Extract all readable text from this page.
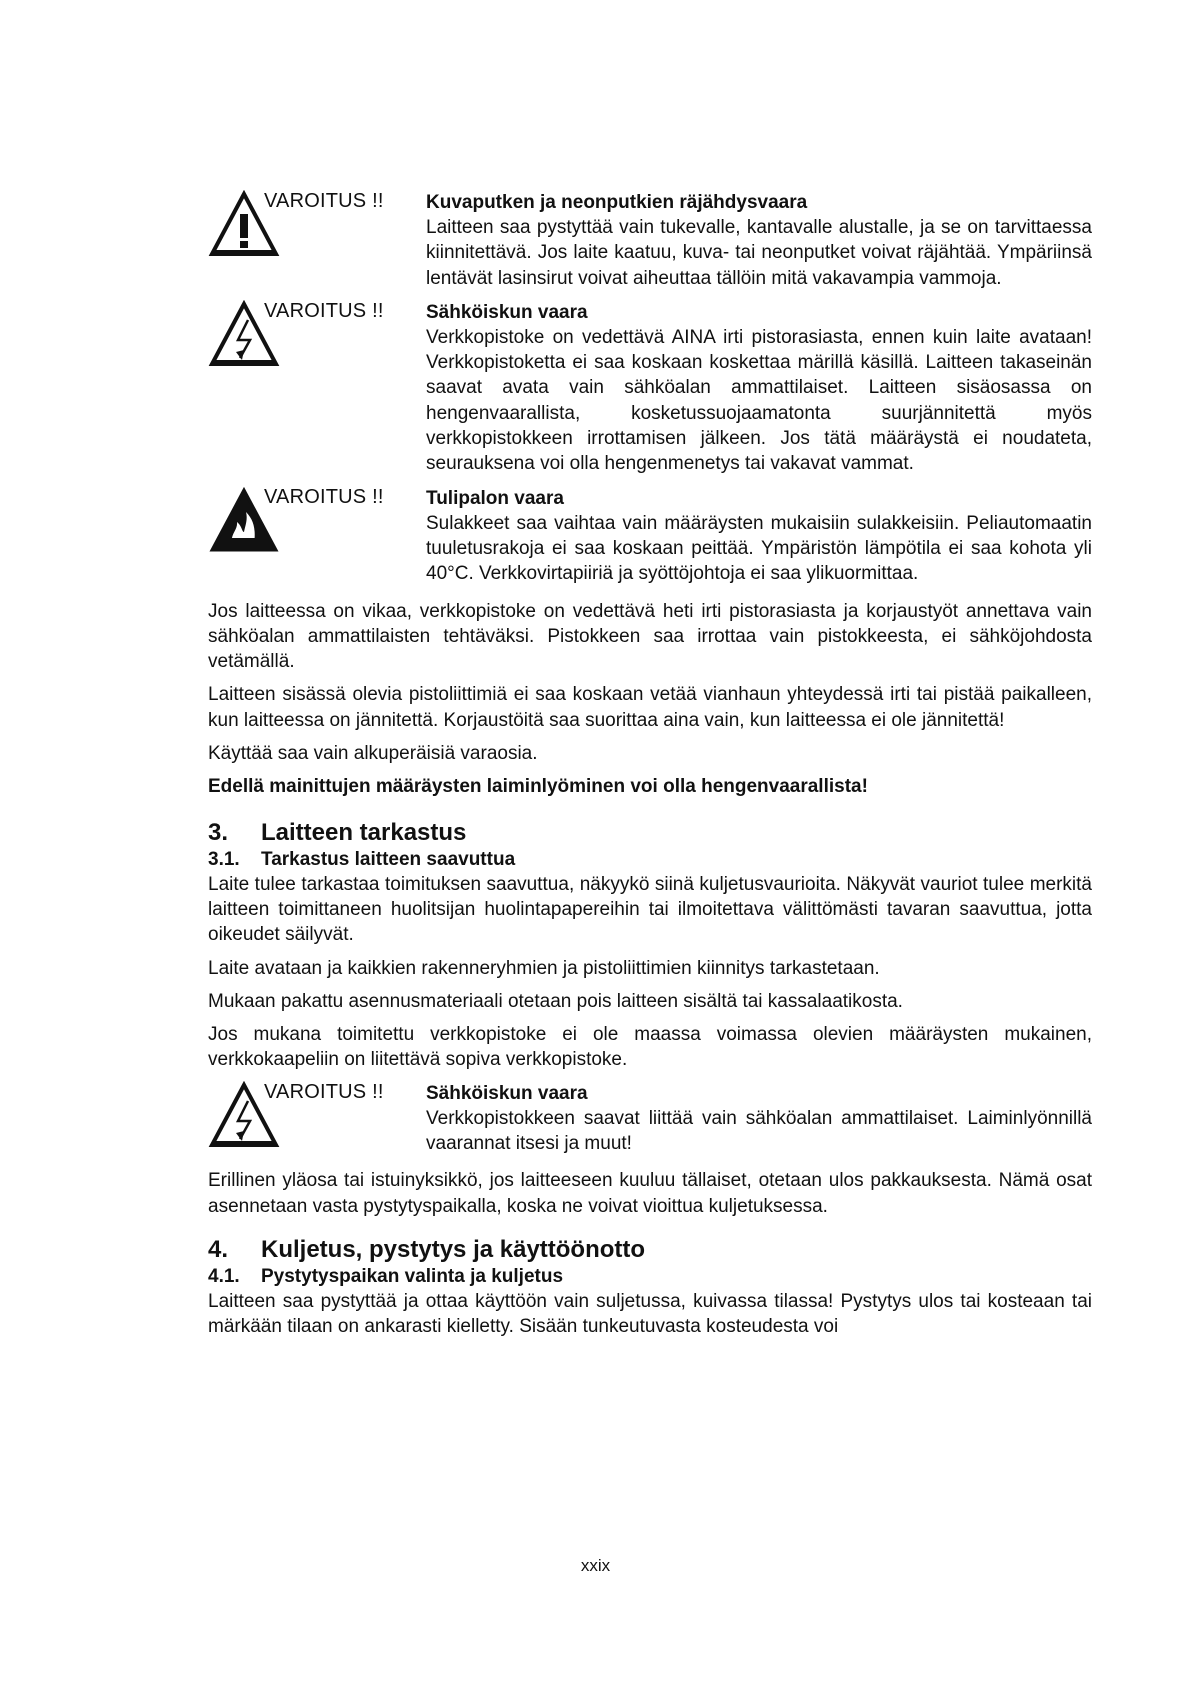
VAROITUS !! Kuvaputken ja neonputkien räjähdysvaara

Laitteen saa pystyttää vain tukevalle, kantavalle alustalle, ja se on tarvittaessa kiinnitettävä. Jos laite kaatuu, kuva- tai neonputket voivat räjähtää. Ympäriinsä lentävät lasinsirut voivat aiheuttaa tällöin mitä vakavampia vammoja.

VAROITUS !! Sähköiskun vaara

Verkkopistoke on vedettävä AINA irti pistorasiasta, ennen kuin laite avataan! Verkkopistoketta ei saa koskaan koskettaa märillä käsillä. Laitteen takaseinän saavat avata vain sähköalan ammattilaiset. Laitteen sisäosassa on hengenvaarallista, kosketussuojaamatonta suurjännitettä myös verkkopistokkeen irrottamisen jälkeen. Jos tätä määräystä ei noudateta, seurauksena voi olla hengenmenetys tai vakavat vammat.

VAROITUS !! Tulipalon vaara

Sulakkeet saa vaihtaa vain määräysten mukaisiin sulakkeisiin. Peliautomaatin tuuletusrakoja ei saa koskaan peittää. Ympäristön lämpötila ei saa kohota yli 40°C. Verkkovirtapiiriä ja syöttöjohtoja ei saa ylikuormittaa.

Jos laitteessa on vikaa, verkkopistoke on vedettävä heti irti pistorasiasta ja korjaustyöt annettava vain sähköalan ammattilaisten tehtäväksi. Pistokkeen saa irrottaa vain pistokkeesta, ei sähköjohdosta vetämällä.

Laitteen sisässä olevia pistoliittimiä ei saa koskaan vetää vianhaun yhteydessä irti tai pistää paikalleen, kun laitteessa on jännitettä. Korjaustöitä saa suorittaa aina vain, kun laitteessa ei ole jännitettä!

Käyttää saa vain alkuperäisiä varaosia.

Edellä mainittujen määräysten laiminlyöminen voi olla hengenvaarallista!

3. Laitteen tarkastus
3.1. Tarkastus laitteen saavuttua

Laite tulee tarkastaa toimituksen saavuttua, näkyykö siinä kuljetusvaurioita. Näkyvät vauriot tulee merkitä laitteen toimittaneen huolitsijan huolintapapereihin tai ilmoitettava välittömästi tavaran saavuttua, jotta oikeudet säilyvät.

Laite avataan ja kaikkien rakenneryhmien ja pistoliittimien kiinnitys tarkastetaan.

Mukaan pakattu asennusmateriaali otetaan pois laitteen sisältä tai kassalaatikosta.

Jos mukana toimitettu verkkopistoke ei ole maassa voimassa olevien määräysten mukainen, verkkokaapeliin on liitettävä sopiva verkkopistoke.

VAROITUS !! Sähköiskun vaara

Verkkopistokkeen saavat liittää vain sähköalan ammattilaiset. Laiminlyönnillä vaarannat itsesi ja muut!

Erillinen yläosa tai istuinyksikkö, jos laitteeseen kuuluu tällaiset, otetaan ulos pakkauksesta. Nämä osat asennetaan vasta pystytyspaikalla, koska ne voivat vioittua kuljetuksessa.

4. Kuljetus, pystytys ja käyttöönotto
4.1. Pystytyspaikan valinta ja kuljetus

Laitteen saa pystyttää ja ottaa käyttöön vain suljetussa, kuivassa tilassa! Pystytys ulos tai kosteaan tai märkään tilaan on ankarasti kielletty. Sisään tunkeutuvasta kosteudesta voi

xxix
